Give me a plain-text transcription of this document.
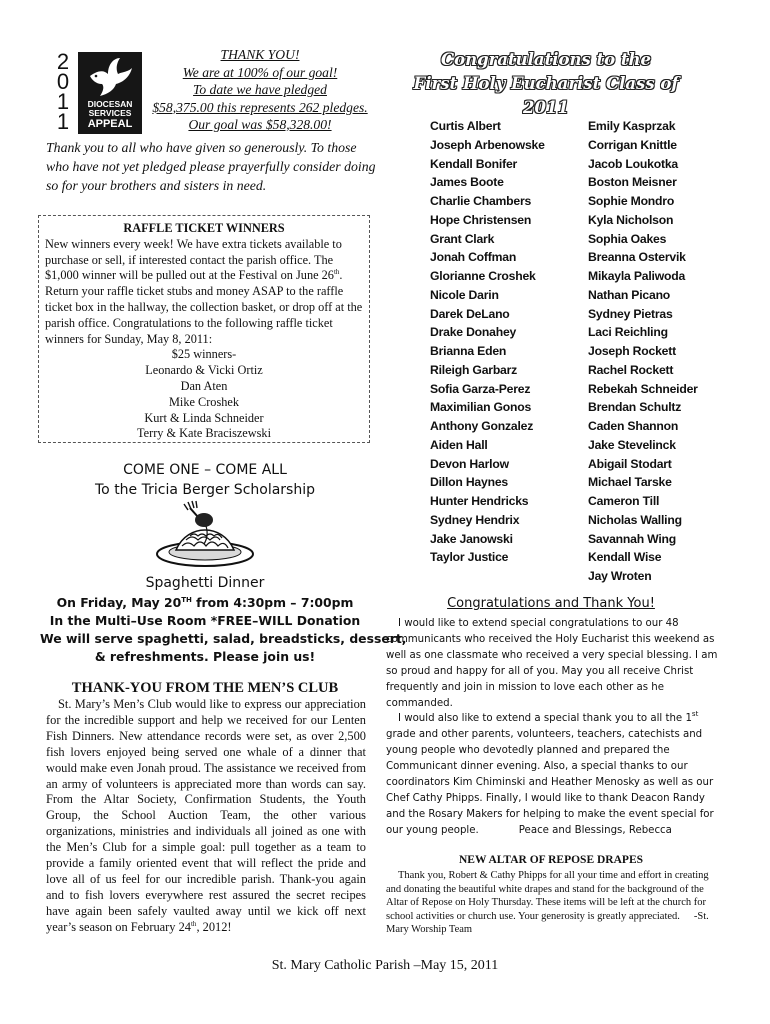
2
0
1
1
DIOCESAN
SERVICES
APPEAL
THANK YOU!
We are at 100% of our goal!
To date we have pledged
$58,375.00 this represents 262 pledges.
Our goal was $58,328.00!
Thank you to all who have given so generously. To those who have not yet pledged please prayerfully consider doing so for your brothers and sisters in need.
RAFFLE TICKET WINNERS

New winners every week! We have extra tickets available to purchase or sell, if interested contact the parish office. The $1,000 winner will be pulled out at the Festival on June 26th. Return your raffle ticket stubs and money ASAP to the raffle ticket box in the hallway, the collection basket, or drop off at the parish office. Congratulations to the following raffle ticket winners for Sunday, May 8, 2011:

$25 winners-
Leonardo & Vicki Ortiz
Dan Aten
Mike Croshek
Kurt & Linda Schneider
Terry & Kate Braciszewski
COME ONE – COME ALL
To the Tricia Berger Scholarship
Spaghetti Dinner
On Friday, May 20TH from 4:30pm – 7:00pm
In the Multi–Use Room *FREE–WILL Donation
We will serve spaghetti, salad, breadsticks, dessert,
& refreshments. Please join us!
THANK-YOU FROM THE MEN’S CLUB

St. Mary’s Men’s Club would like to express our appreciation for the incredible support and help we received for our Lenten Fish Dinners. New attendance records were set, as over 2,500 fish lovers enjoyed being served one whale of a dinner that would make even Jonah proud. The assistance we received from an army of volunteers is appreciated more than words can say. From the Altar Society, Confirmation Students, the Youth Group, the School Auction Team, the other various organizations, ministries and individuals all joined as one with the Men’s Club for a simple goal: pull together as a team to provide a family oriented event that will reflect the pride and love all of us feel for our incredible parish. Thank-you again and to fish lovers everywhere rest assured the secret recipes have again been safely vaulted away until we kick off next year’s season on February 24th, 2012!

Congratulations to the
First Holy Eucharist Class of 2011
Curtis Albert
Joseph Arbenowske
Kendall Bonifer
James Boote
Charlie Chambers
Hope Christensen
Grant Clark
Jonah Coffman
Glorianne Croshek
Nicole Darin
Darek DeLano
Drake Donahey
Brianna Eden
Rileigh Garbarz
Sofia Garza-Perez
Maximilian Gonos
Anthony Gonzalez
Aiden Hall
Devon Harlow
Dillon Haynes
Hunter Hendricks
Sydney Hendrix
Jake Janowski
Taylor Justice
Emily Kasprzak
Corrigan Knittle
Jacob Loukotka
Boston Meisner
Sophie Mondro
Kyla Nicholson
Sophia Oakes
Breanna Ostervik
Mikayla Paliwoda
Nathan Picano
Sydney Pietras
Laci Reichling
Joseph Rockett
Rachel Rockett
Rebekah Schneider
Brendan Schultz
Caden Shannon
Jake Stevelinck
Abigail Stodart
Michael Tarske
Cameron Till
Nicholas Walling
Savannah Wing
Kendall Wise
Jay Wroten
Congratulations and Thank You!

I would like to extend special congratulations to our 48 communicants who received the Holy Eucharist this weekend as well as one classmate who received a very special blessing. I am so proud and happy for all of you. May you all receive Christ frequently and join in mission to love each other as he commanded.

I would also like to extend a special thank you to all the 1st grade and other parents, volunteers, teachers, catechists and young people who devotedly planned and prepared the Communicant dinner evening. Also, a special thanks to our coordinators Kim Chiminski and Heather Menosky as well as our Chef Cathy Phipps. Finally, I would like to thank Deacon Randy and the Rosary Makers for helping to make the event special for our young people.	Peace and Blessings, Rebecca

NEW ALTAR OF REPOSE DRAPES

Thank you, Robert & Cathy Phipps for all your time and effort in creating and donating the beautiful white drapes and stand for the background of the Altar of Repose on Holy Thursday. These items will be left at the church for school activities or church use. Your generosity is greatly appreciated. -St. Mary Worship Team

St. Mary Catholic Parish –May 15, 2011
